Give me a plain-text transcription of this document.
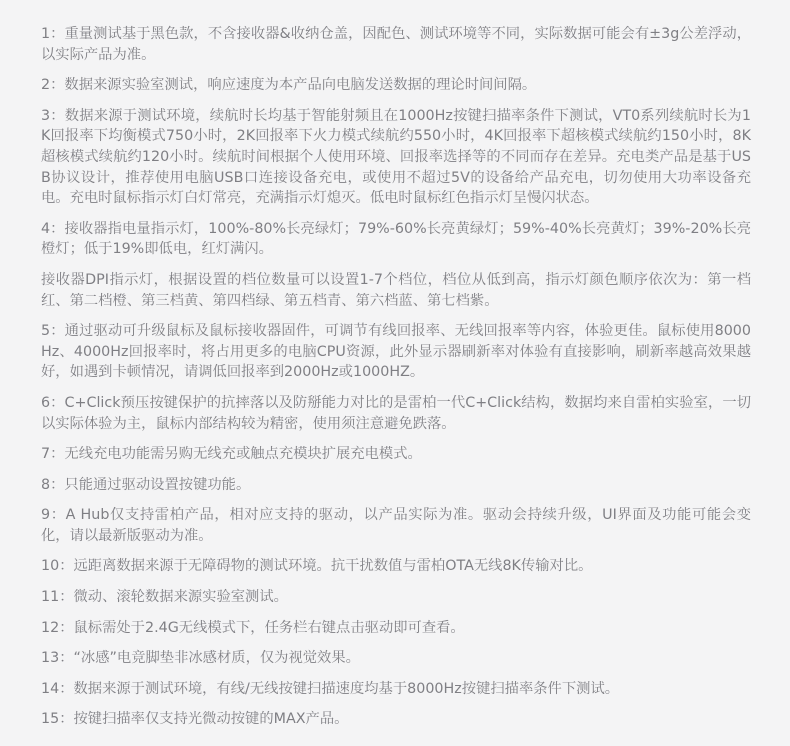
1：重量测试基于黑色款，不含接收器&收纳仓盖，因配色、测试环境等不同，实际数据可能会有±3g公差浮动，以实际产品为准。

2：数据来源实验室测试，响应速度为本产品向电脑发送数据的理论时间间隔。

3：数据来源于测试环境，续航时长均基于智能射频且在1000Hz按键扫描率条件下测试，VT0系列续航时长为1K回报率下均衡模式750小时，2K回报率下火力模式续航约550小时，4K回报率下超核模式续航约150小时，8K超核模式续航约120小时。续航时间根据个人使用环境、回报率选择等的不同而存在差异。充电类产品是基于USB协议设计，推荐使用电脑USB口连接设备充电，或使用不超过5V的设备给产品充电，切勿使用大功率设备充电。充电时鼠标指示灯白灯常亮，充满指示灯熄灭。低电时鼠标红色指示灯呈慢闪状态。

4：接收器指电量指示灯，100%-80%长亮绿灯；79%-60%长亮黄绿灯；59%-40%长亮黄灯；39%-20%长亮橙灯；低于19%即低电，红灯满闪。

接收器DPI指示灯，根据设置的档位数量可以设置1-7个档位，档位从低到高，指示灯颜色顺序依次为：第一档红、第二档橙、第三档黄、第四档绿、第五档青、第六档蓝、第七档紫。

5：通过驱动可升级鼠标及鼠标接收器固件，可调节有线回报率、无线回报率等内容，体验更佳。鼠标使用8000Hz、4000Hz回报率时，将占用更多的电脑CPU资源，此外显示器刷新率对体验有直接影响，刷新率越高效果越好，如遇到卡顿情况，请调低回报率到2000Hz或1000HZ。

6：C+Click预压按键保护的抗摔落以及防掰能力对比的是雷柏一代C+Click结构，数据均来自雷柏实验室，一切以实际体验为主，鼠标内部结构较为精密，使用须注意避免跌落。

7：无线充电功能需另购无线充或触点充模块扩展充电模式。

8：只能通过驱动设置按键功能。

9：A Hub仅支持雷柏产品，相对应支持的驱动，以产品实际为准。驱动会持续升级，UI界面及功能可能会变化，请以最新版驱动为准。

10：远距离数据来源于无障碍物的测试环境。抗干扰数值与雷柏OTA无线8K传输对比。

11：微动、滚轮数据来源实验室测试。

12：鼠标需处于2.4G无线模式下，任务栏右键点击驱动即可查看。

13：“冰感”电竞脚垫非冰感材质，仅为视觉效果。

14：数据来源于测试环境，有线/无线按键扫描速度均基于8000Hz按键扫描率条件下测试。

15：按键扫描率仅支持光微动按键的MAX产品。
